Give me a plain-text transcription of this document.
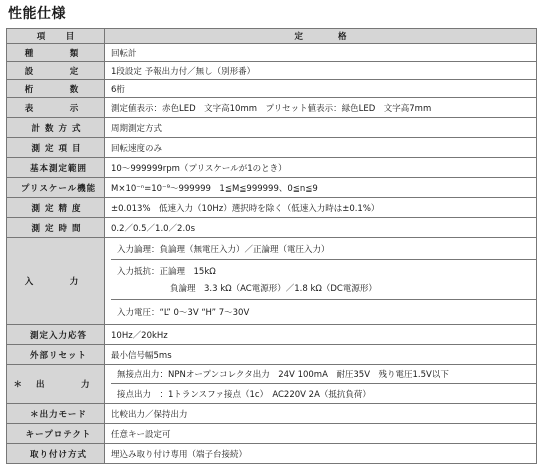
性能仕様
項　目	定　　格
種　類	回転計
設　定	1段設定 予報出力付／無し（別形番）
桁　数	6桁
表　示	測定値表示：赤色LED　文字高10mm　プリセット値表示：緑色LED　文字高7mm
計数方式	周期測定方式
測定項目	回転速度のみ
基本測定範囲	10～999999rpm（プリスケールが1のとき）
プリスケール機能	M×10⁻ⁿ=10⁻⁹～999999　1≦M≦999999、0≦n≦9
測定精度	±0.013%　低速入力（10Hz）選択時を除く（低速入力時は±0.1%）
測定時間	0.2／0.5／1.0／2.0s
入　力	入力論理：負論理（無電圧入力）／正論理（電圧入力）
入力抵抗：正論理　15kΩ
負論理　3.3 kΩ（AC電源形）／1.8 kΩ（DC電源形）
入力電圧：“L” 0～3V “H” 7～30V

測定入力応答	10Hz／20kHz
外部リセット	最小信号幅5ms
＊出　力	無接点出力：NPNオープンコレクタ出力　24V 100mA　耐圧35V　残り電圧1.5V以下
接点出力　：1トランスファ接点（1c）　AC220V 2A（抵抗負荷）

＊出力モード	比較出力／保持出力
キープロテクト	任意キー設定可
取り付け方式	埋込み取り付け専用（端子台接続）
